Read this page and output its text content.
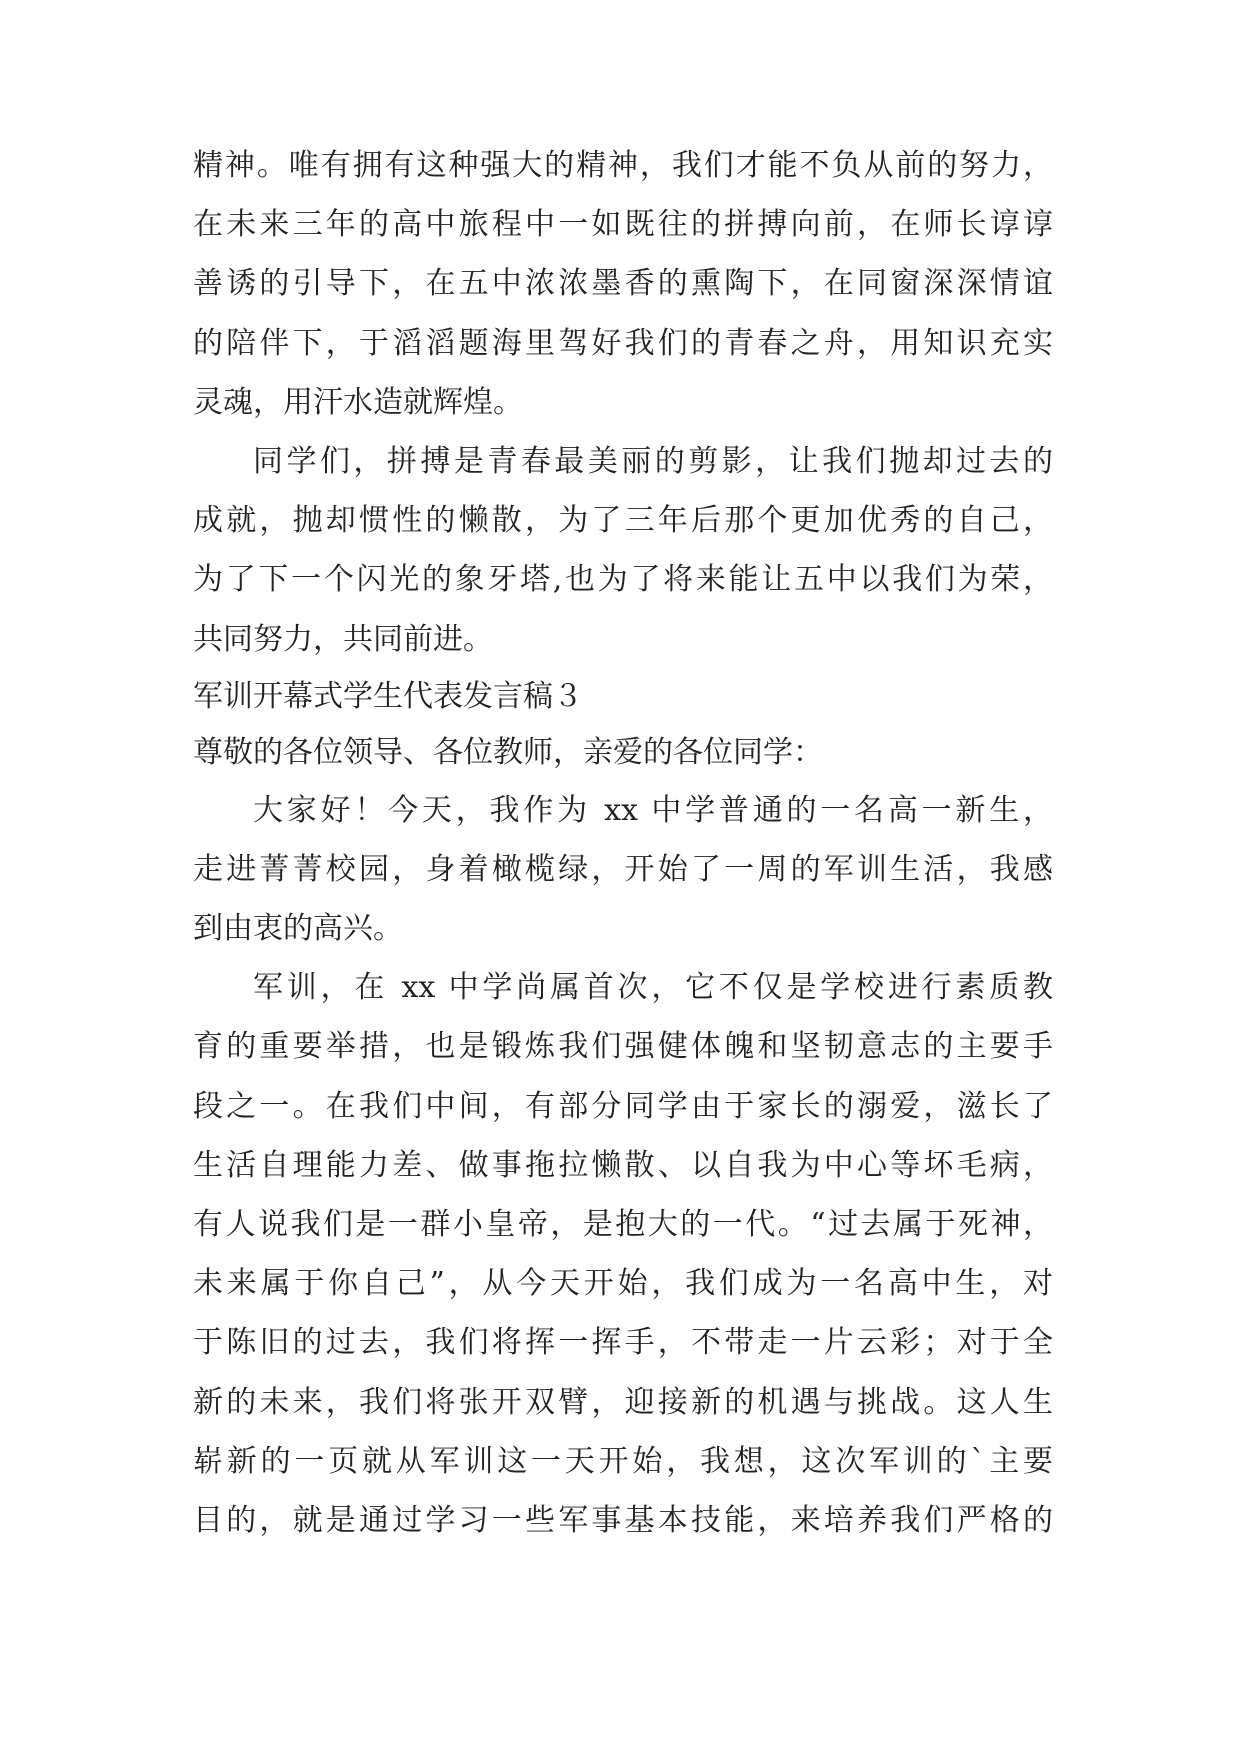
精神。唯有拥有这种强大的精神，我们才能不负从前的努力，
在未来三年的高中旅程中一如既往的拼搏向前，在师长谆谆
善诱的引导下，在五中浓浓墨香的熏陶下，在同窗深深情谊
的陪伴下，于滔滔题海里驾好我们的青春之舟，用知识充实
灵魂，用汗水造就辉煌。
同学们，拼搏是青春最美丽的剪影，让我们抛却过去的
成就，抛却惯性的懒散，为了三年后那个更加优秀的自己，
为了下一个闪光的象牙塔,也为了将来能让五中以我们为荣，
共同努力，共同前进。
军训开幕式学生代表发言稿３
尊敬的各位领导、各位教师，亲爱的各位同学：
大家好！今天，我作为 xx 中学普通的一名高一新生，
走进菁菁校园，身着橄榄绿，开始了一周的军训生活，我感
到由衷的高兴。
军训，在 xx 中学尚属首次，它不仅是学校进行素质教
育的重要举措，也是锻炼我们强健体魄和坚韧意志的主要手
段之一。在我们中间，有部分同学由于家长的溺爱，滋长了
生活自理能力差、做事拖拉懒散、以自我为中心等坏毛病，
有人说我们是一群小皇帝，是抱大的一代。“过去属于死神，
未来属于你自己”，从今天开始，我们成为一名高中生，对
于陈旧的过去，我们将挥一挥手，不带走一片云彩；对于全
新的未来，我们将张开双臂，迎接新的机遇与挑战。这人生
崭新的一页就从军训这一天开始，我想，这次军训的`主要
目的，就是通过学习一些军事基本技能，来培养我们严格的
